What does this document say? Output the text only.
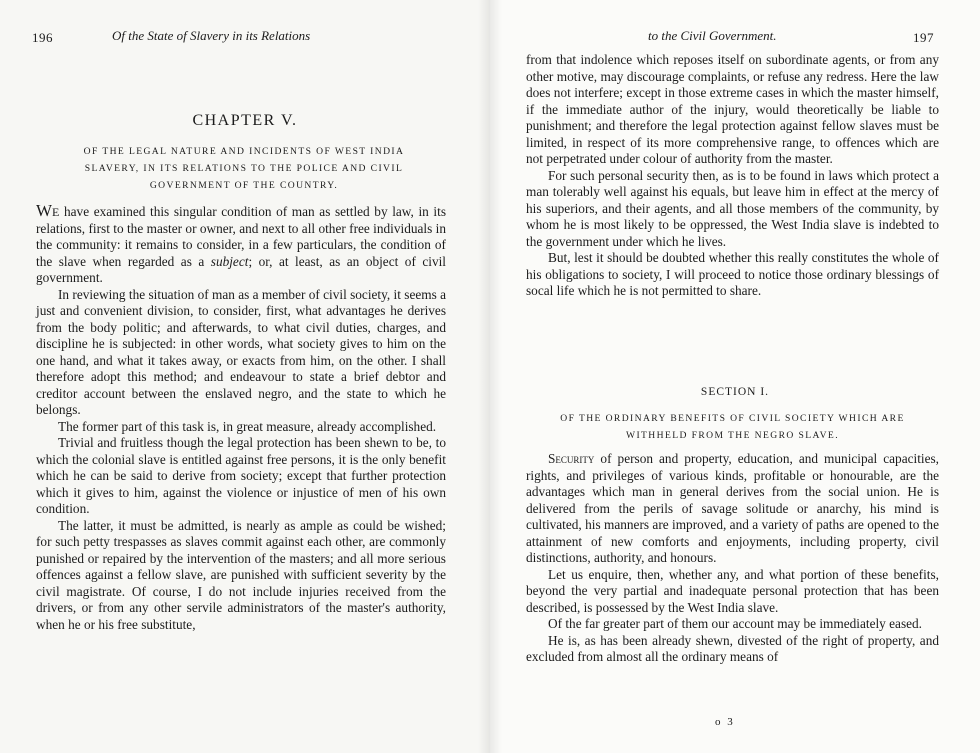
196	Of the State of Slavery in its Relations
CHAPTER V.
OF THE LEGAL NATURE AND INCIDENTS OF WEST INDIA
SLAVERY, IN ITS RELATIONS TO THE POLICE AND CIVIL
GOVERNMENT OF THE COUNTRY.

We have examined this singular condition of man as settled by law, in its relations, first to the master or owner, and next to all other free individuals in the community: it remains to consider, in a few particulars, the condition of the slave when regarded as a subject; or, at least, as an object of civil government.

In reviewing the situation of man as a member of civil society, it seems a just and convenient division, to consider, first, what advantages he derives from the body politic; and afterwards, to what civil duties, charges, and discipline he is subjected: in other words, what society gives to him on the one hand, and what it takes away, or exacts from him, on the other. I shall therefore adopt this method; and endeavour to state a brief debtor and creditor account between the enslaved negro, and the state to which he belongs.

The former part of this task is, in great measure, already accomplished.

Trivial and fruitless though the legal protection has been shewn to be, to which the colonial slave is entitled against free persons, it is the only benefit which he can be said to derive from society; except that further protection which it gives to him, against the violence or injustice of men of his own condition.

The latter, it must be admitted, is nearly as ample as could be wished; for such petty trespasses as slaves commit against each other, are commonly punished or repaired by the intervention of the masters; and all more serious offences against a fellow slave, are punished with sufficient severity by the civil magistrate. Of course, I do not include injuries received from the drivers, or from any other servile administrators of the master's authority, when he or his free substitute,

to the Civil Government.	197

from that indolence which reposes itself on subordinate agents, or from any other motive, may discourage complaints, or refuse any redress. Here the law does not interfere; except in those extreme cases in which the master himself, if the immediate author of the injury, would theoretically be liable to punishment; and therefore the legal protection against fellow slaves must be limited, in respect of its more comprehensive range, to offences which are not perpetrated under colour of authority from the master.

For such personal security then, as is to be found in laws which protect a man tolerably well against his equals, but leave him in effect at the mercy of his superiors, and their agents, and all those members of the community, by whom he is most likely to be oppressed, the West India slave is indebted to the government under which he lives.

But, lest it should be doubted whether this really constitutes the whole of his obligations to society, I will proceed to notice those ordinary blessings of socal life which he is not permitted to share.

SECTION I.
OF THE ORDINARY BENEFITS OF CIVIL SOCIETY WHICH ARE
WITHHELD FROM THE NEGRO SLAVE.

Security of person and property, education, and municipal capacities, rights, and privileges of various kinds, profitable or honourable, are the advantages which man in general derives from the social union. He is delivered from the perils of savage solitude or anarchy, his mind is cultivated, his manners are improved, and a variety of paths are opened to the attainment of new comforts and enjoyments, including property, civil distinctions, authority, and honours.

Let us enquire, then, whether any, and what portion of these benefits, beyond the very partial and inadequate personal protection that has been described, is possessed by the West India slave.

Of the far greater part of them our account may be immediately eased.

He is, as has been already shewn, divested of the right of property, and excluded from almost all the ordinary means of

o 3
